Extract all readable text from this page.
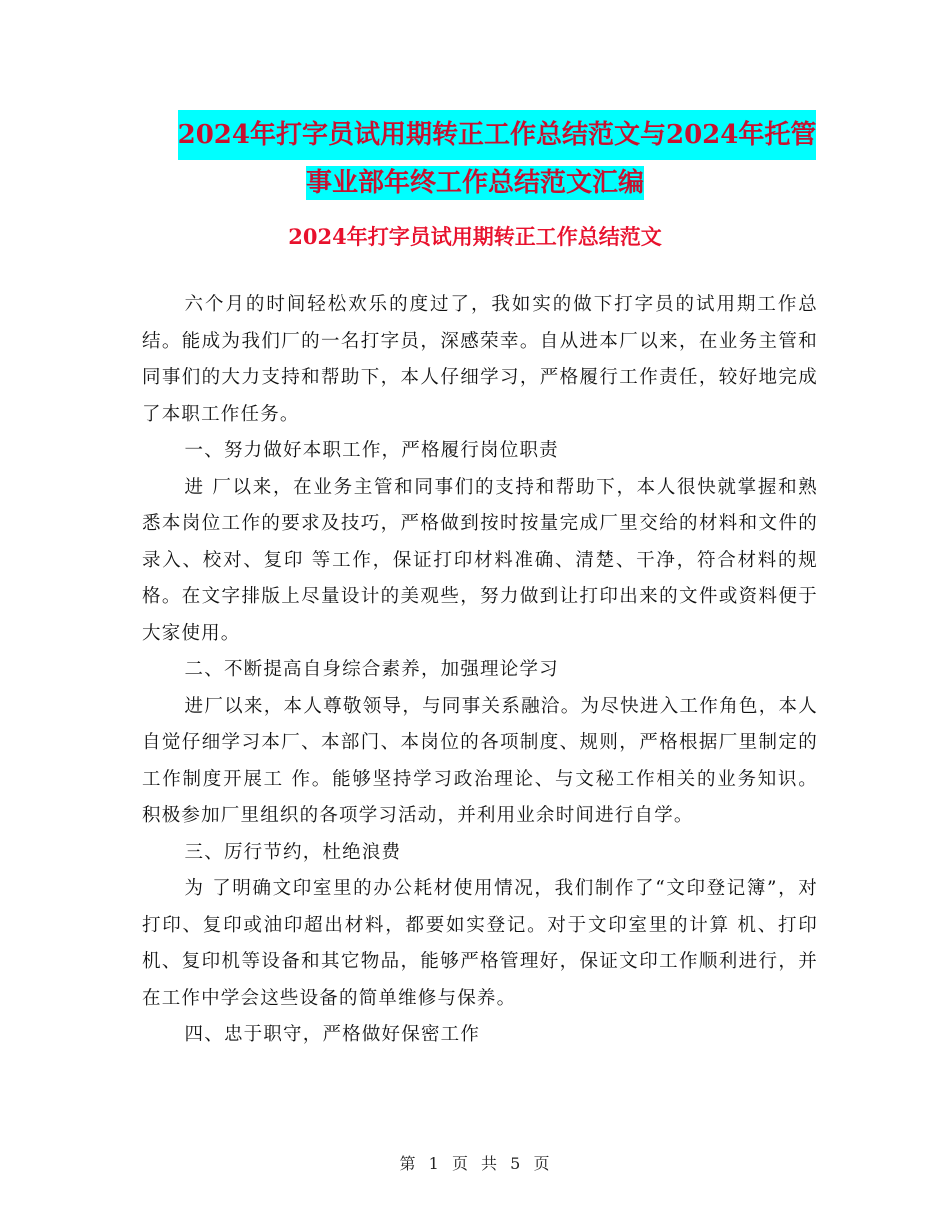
2024年打字员试用期转正工作总结范文与2024年托管
事业部年终工作总结范文汇编
2024年打字员试用期转正工作总结范文

六个月的时间轻松欢乐的度过了，我如实的做下打字员的试用期工作总结。能成为我们厂的一名打字员，深感荣幸。自从进本厂以来，在业务主管和同事们的大力支持和帮助下，本人仔细学习，严格履行工作责任，较好地完成了本职工作任务。

一、努力做好本职工作，严格履行岗位职责

进 厂以来，在业务主管和同事们的支持和帮助下，本人很快就掌握和熟悉本岗位工作的要求及技巧，严格做到按时按量完成厂里交给的材料和文件的录入、校对、复印 等工作，保证打印材料准确、清楚、干净，符合材料的规格。在文字排版上尽量设计的美观些，努力做到让打印出来的文件或资料便于大家使用。

二、不断提高自身综合素养，加强理论学习

进厂以来，本人尊敬领导，与同事关系融洽。为尽快进入工作角色，本人自觉仔细学习本厂、本部门、本岗位的各项制度、规则，严格根据厂里制定的工作制度开展工 作。能够坚持学习政治理论、与文秘工作相关的业务知识。积极参加厂里组织的各项学习活动，并利用业余时间进行自学。

三、厉行节约，杜绝浪费

为 了明确文印室里的办公耗材使用情况，我们制作了“文印登记簿”，对打印、复印或油印超出材料，都要如实登记。对于文印室里的计算 机、打印机、复印机等设备和其它物品，能够严格管理好，保证文印工作顺利进行，并在工作中学会这些设备的简单维修与保养。

四、忠于职守，严格做好保密工作

第 1 页 共 5 页
